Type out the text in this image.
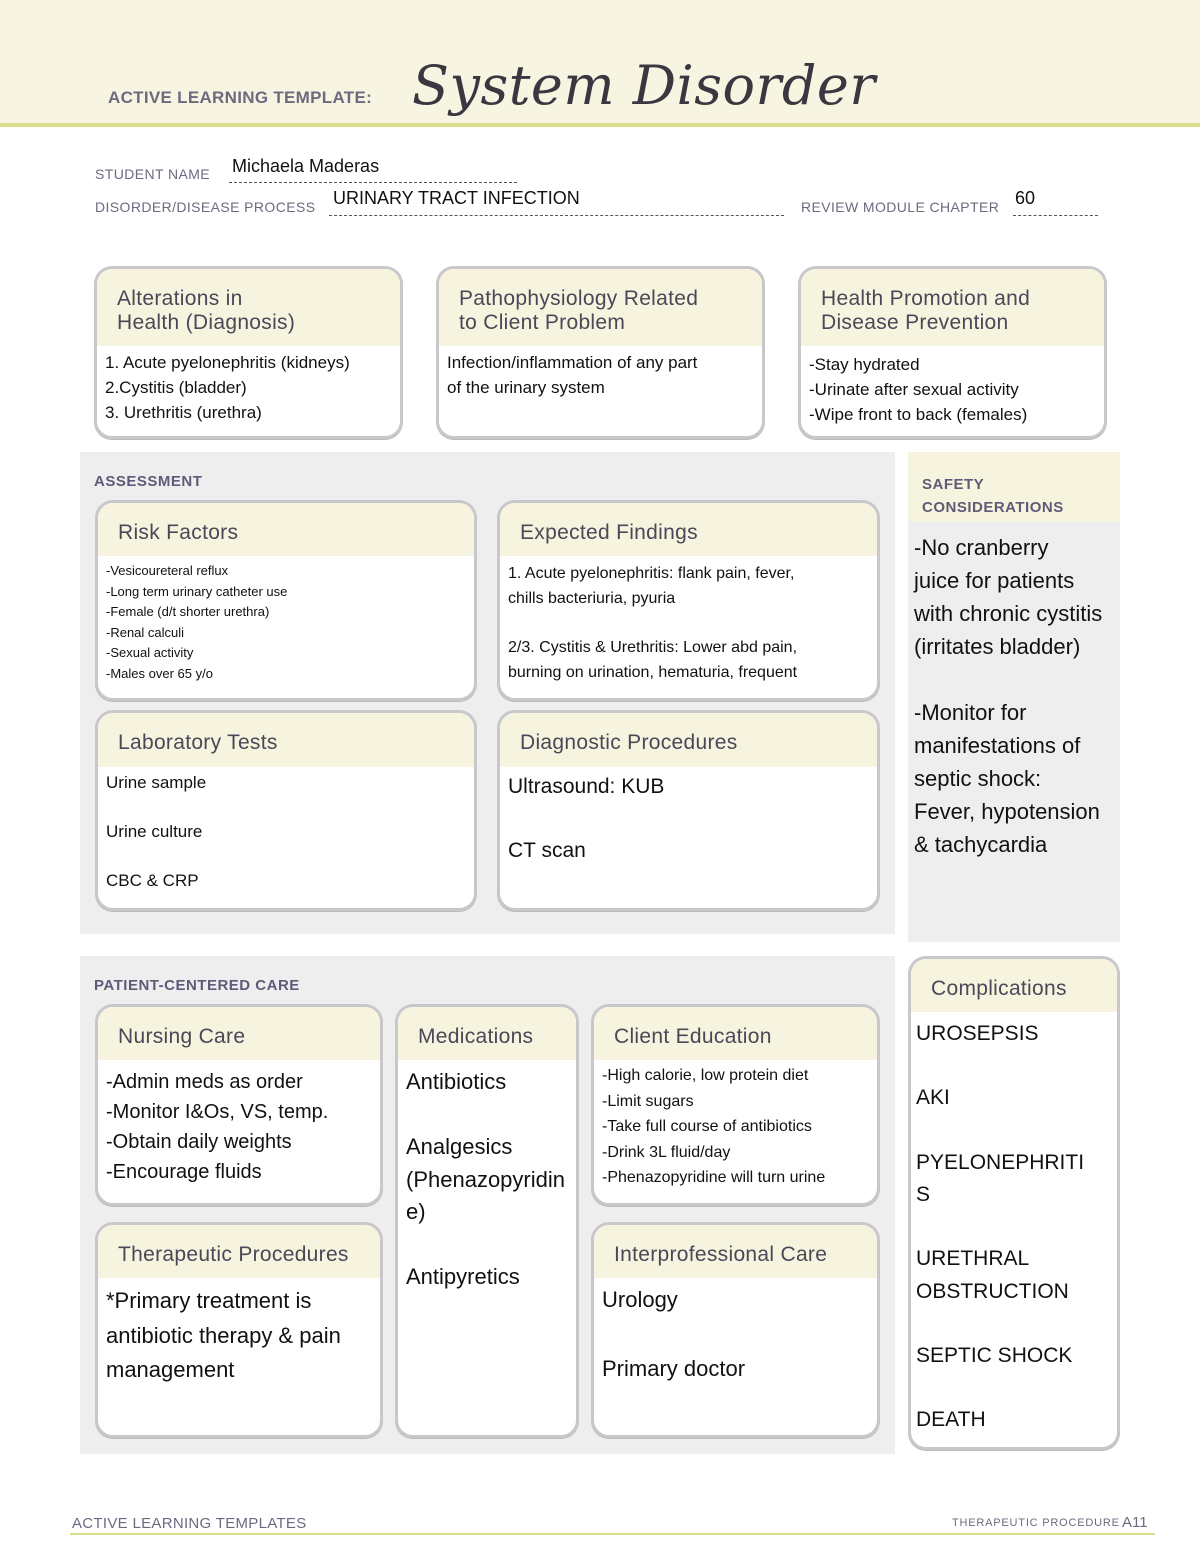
ACTIVE LEARNING TEMPLATE: System Disorder
STUDENT NAME Michaela Maderas
DISORDER/DISEASE PROCESS URINARY TRACT INFECTION	REVIEW MODULE CHAPTER 60
Alterations in
Health (Diagnosis)
1. Acute pyelonephritis (kidneys)
2.Cystitis (bladder)
3. Urethritis (urethra)
Pathophysiology Related
to Client Problem
Infection/inflammation of any part
of the urinary system
Health Promotion and
Disease Prevention
-Stay hydrated
-Urinate after sexual activity
-Wipe front to back (females)
ASSESSMENT
Risk Factors
-Vesicoureteral reflux
-Long term urinary catheter use
-Female (d/t shorter urethra)
-Renal calculi
-Sexual activity
-Males over 65 y/o
Expected Findings
1. Acute pyelonephritis: flank pain, fever,
chills bacteriuria, pyuria
2/3. Cystitis & Urethritis: Lower abd pain,
burning on urination, hematuria, frequent
Laboratory Tests
Urine sample
Urine culture
CBC & CRP
Diagnostic Procedures
Ultrasound: KUB
CT scan
SAFETY
CONSIDERATIONS
-No cranberry
juice for patients
with chronic cystitis
(irritates bladder)
-Monitor for
manifestations of
septic shock:
Fever, hypotension
& tachycardia
PATIENT-CENTERED CARE
Nursing Care
-Admin meds as order
-Monitor I&Os, VS, temp.
-Obtain daily weights
-Encourage fluids
Medications
Antibiotics
Analgesics
(Phenazopyridin
e)
Antipyretics
Client Education
-High calorie, low protein diet
-Limit sugars
-Take full course of antibiotics
-Drink 3L fluid/day
-Phenazopyridine will turn urine
Therapeutic Procedures
*Primary treatment is
antibiotic therapy & pain
management
Interprofessional Care
Urology
Primary doctor
Complications
UROSEPSIS
AKI
PYELONEPHRITI
S
URETHRAL
OBSTRUCTION
SEPTIC SHOCK
DEATH
ACTIVE LEARNING TEMPLATES	THERAPEUTIC PROCEDURE A11
